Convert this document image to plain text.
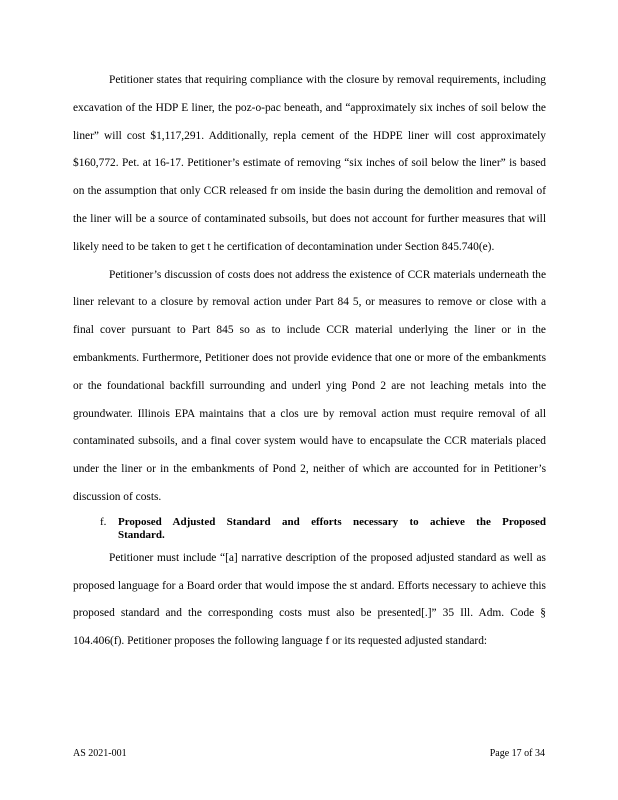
Petitioner states that requiring compliance with the closure by removal requirements, including excavation of the HDP E liner, the poz-o-pac beneath, and “approximately six inches of soil below the liner” will cost $1,117,291. Additionally, repla cement of the HDPE liner will cost approximately $160,772. Pet. at 16-17. Petitioner’s estimate of removing “six inches of soil below the liner” is based on the assumption that only CCR released fr om inside the basin during the demolition and removal of the liner will be a source of contaminated subsoils, but does not account for further measures that will likely need to be taken to get t he certification of decontamination under Section 845.740(e).

Petitioner’s discussion of costs does not address the existence of CCR materials underneath the liner relevant to a closure by removal action under Part 84 5, or measures to remove or close with a final cover pursuant to Part 845 so as to include CCR material underlying the liner or in the embankments. Furthermore, Petitioner does not provide evidence that one or more of the embankments or the foundational backfill surrounding and underl ying Pond 2 are not leaching metals into the groundwater. Illinois EPA maintains that a clos ure by removal action must require removal of all contaminated subsoils, and a final cover system would have to encapsulate the CCR materials placed under the liner or in the embankments of Pond 2, neither of which are accounted for in Petitioner’s discussion of costs.

f. Proposed Adjusted Standard and efforts necessary to achieve the Proposed
Standard.

Petitioner must include “[a] narrative description of the proposed adjusted standard as well as proposed language for a Board order that would impose the st andard. Efforts necessary to achieve this proposed standard and the corresponding costs must also be presented[.]” 35 Ill. Adm. Code § 104.406(f). Petitioner proposes the following language f or its requested adjusted standard:

AS 2021-001	Page 17 of 34
